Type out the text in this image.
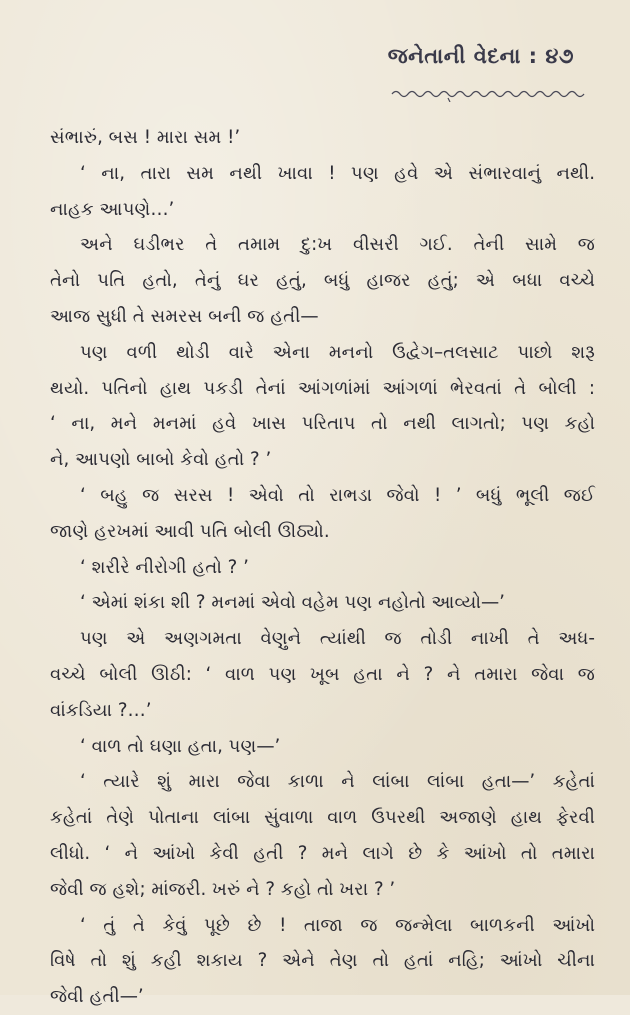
જનેતાની વેદના : ૪૭

સંભારું, બસ ! મારા સમ !’

‘ ના, તારા સમ નથી ખાવા ! પણ હવે એ સંભારવાનું નથી.
નાહક આપણે…’

અને ઘડીભર તે તમામ દુ:ખ વીસરી ગઈ. તેની સામે જ
તેનો પતિ હતો, તેનું ઘર હતું, બધું હાજર હતું; એ બધા વચ્ચે
આજ સુધી તે સમરસ બની જ હતી—

પણ વળી થોડી વારે એના મનનો ઉદ્વેગ–તલસાટ પાછો શરૂ
થયો. પતિનો હાથ પકડી તેનાં આંગળાંમાં આંગળાં ભેરવતાં તે બોલી :
‘ ના, મને મનમાં હવે ખાસ પરિતાપ તો નથી લાગતો; પણ કહો
ને, આપણો બાબો કેવો હતો ? ’

‘ બહુ જ સરસ ! એવો તો રાભડા જેવો ! ’ બધું ભૂલી જઈ
જાણે હરખમાં આવી પતિ બોલી ઊઠ્યો.

‘ શરીરે નીરોગી હતો ? ’

‘ એમાં શંકા શી ? મનમાં એવો વહેમ પણ નહોતો આવ્યો—’

પણ એ અણગમતા વેણુને ત્યાંથી જ તોડી નાખી તે અધ-
વચ્ચે બોલી ઊઠી: ‘ વાળ પણ ખૂબ હતા ને ? ને તમારા જેવા જ
વાંકડિયા ?…’

‘ વાળ તો ઘણા હતા, પણ—’

‘ ત્યારે શું મારા જેવા કાળા ને લાંબા લાંબા હતા—’ કહેતાં
કહેતાં તેણે પોતાના લાંબા સુંવાળા વાળ ઉપરથી અજાણે હાથ ફેરવી
લીધો. ‘ ને આંખો કેવી હતી ? મને લાગે છે કે આંખો તો તમારા
જેવી જ હશે; માંજરી. ખરું ને ? કહો તો ખરા ? ’

‘ તું તે કેવું પૂછે છે ! તાજા જ જન્મેલા બાળકની આંખો
વિષે તો શું કહી શકાય ? એને તેણ તો હતાં નહિ; આંખો ચીના
જેવી હતી—’
